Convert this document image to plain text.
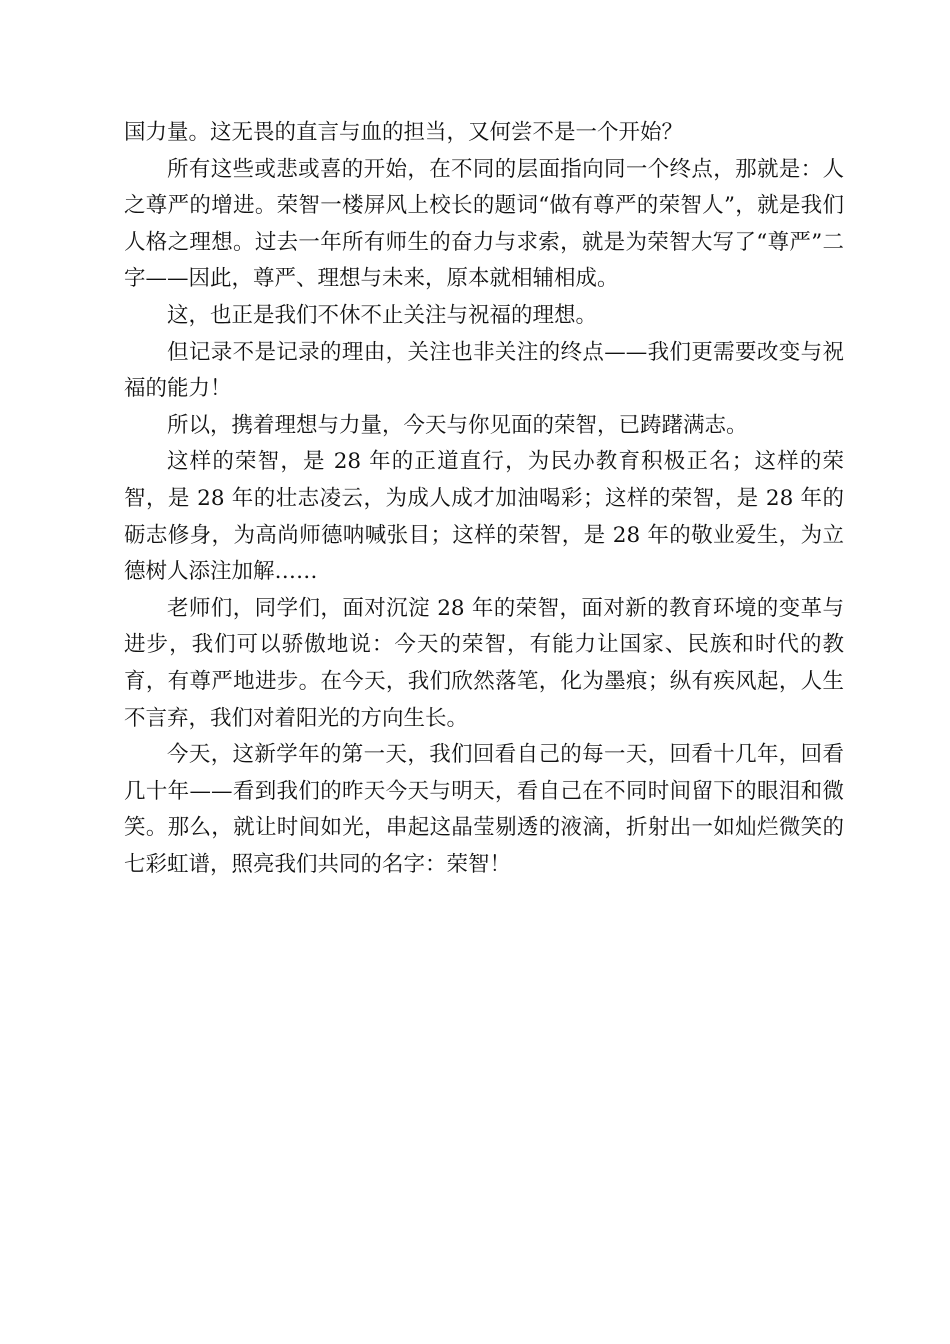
国力量。这无畏的直言与血的担当，又何尝不是一个开始？

所有这些或悲或喜的开始，在不同的层面指向同一个终点，那就是：人之尊严的增进。荣智一楼屏风上校长的题词“做有尊严的荣智人”，就是我们人格之理想。过去一年所有师生的奋力与求索，就是为荣智大写了“尊严”二字——因此，尊严、理想与未来，原本就相辅相成。

这，也正是我们不休不止关注与祝福的理想。

但记录不是记录的理由，关注也非关注的终点——我们更需要改变与祝福的能力！

所以，携着理想与力量，今天与你见面的荣智，已踌躇满志。

这样的荣智，是 28 年的正道直行，为民办教育积极正名；这样的荣智，是 28 年的壮志凌云，为成人成才加油喝彩；这样的荣智，是 28 年的砺志修身，为高尚师德呐喊张目；这样的荣智，是 28 年的敬业爱生，为立德树人添注加解……

老师们，同学们，面对沉淀 28 年的荣智，面对新的教育环境的变革与进步，我们可以骄傲地说：今天的荣智，有能力让国家、民族和时代的教育，有尊严地进步。在今天，我们欣然落笔，化为墨痕；纵有疾风起，人生不言弃，我们对着阳光的方向生长。

今天，这新学年的第一天，我们回看自己的每一天，回看十几年，回看几十年——看到我们的昨天今天与明天，看自己在不同时间留下的眼泪和微笑。那么，就让时间如光，串起这晶莹剔透的液滴，折射出一如灿烂微笑的七彩虹谱，照亮我们共同的名字：荣智！
